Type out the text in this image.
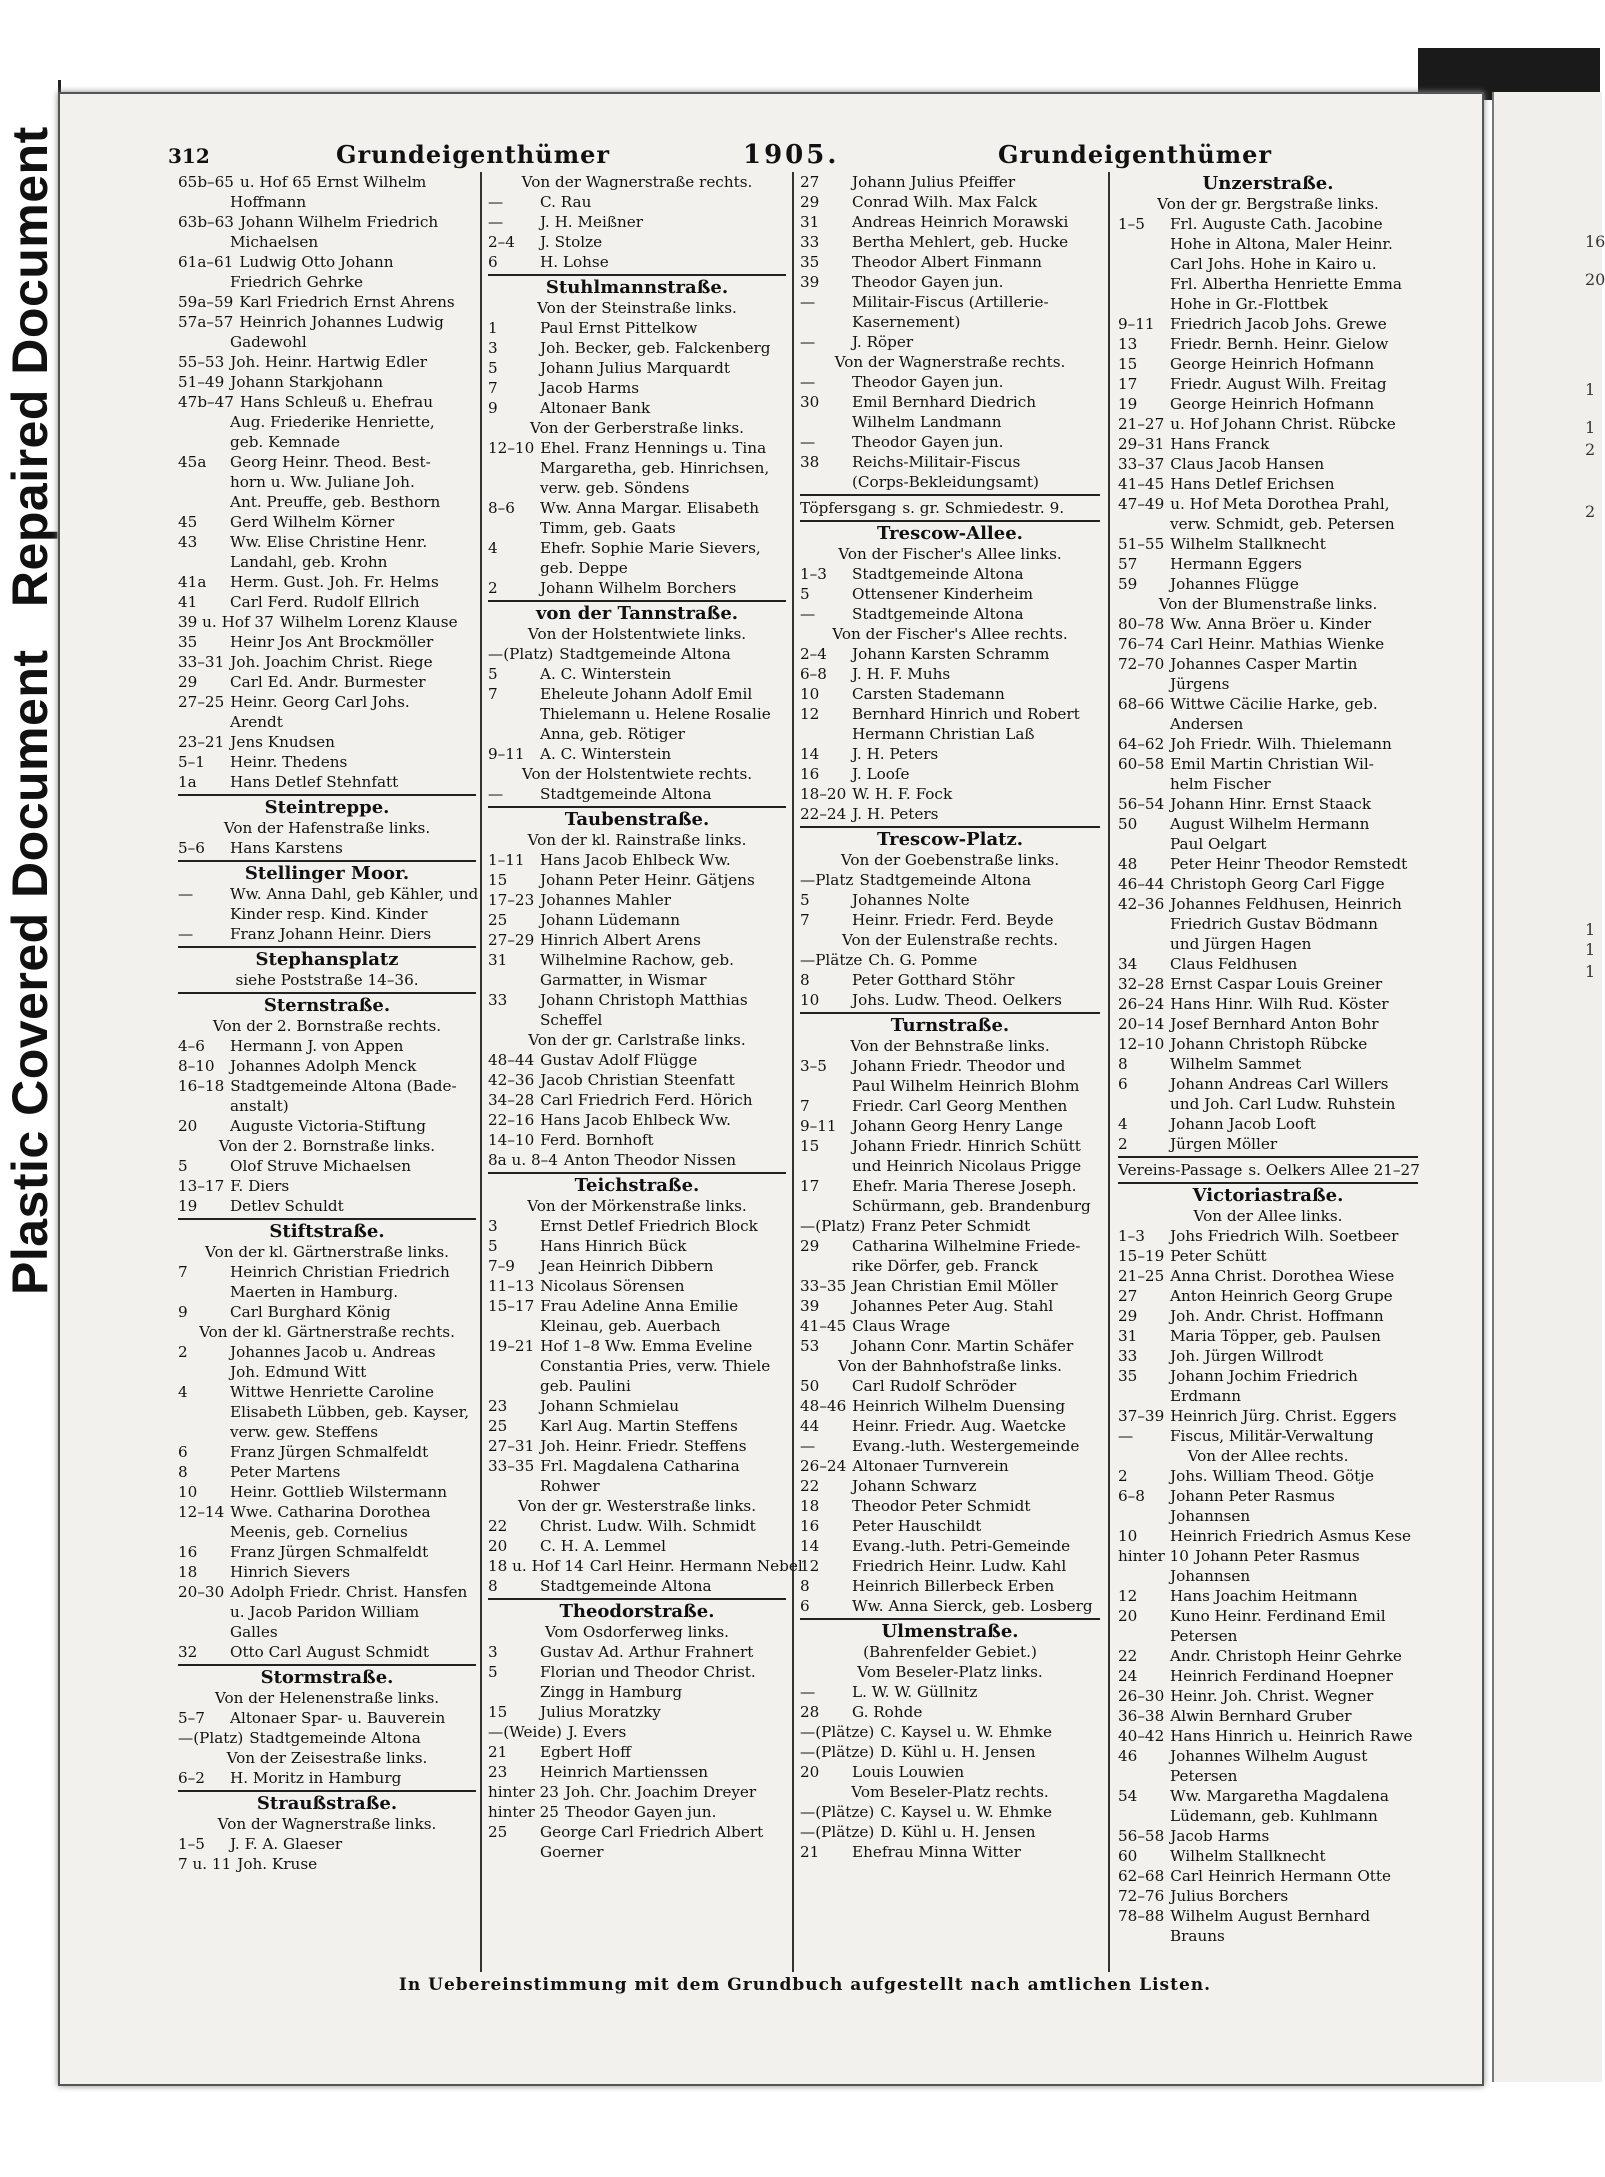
Plastic Covered Document Repaired Document	16
20
1
1
2
2
1
1
1
312	Grundeigenthümer	1905.	Grundeigenthümer
65b–65 u. Hof 65 Ernst Wilhelm
Hoffmann
63b–63 Johann Wilhelm Friedrich
Michaelsen
61a–61 Ludwig Otto Johann
Friedrich Gehrke
59a–59 Karl Friedrich Ernst Ahrens
57a–57 Heinrich Johannes Ludwig
Gadewohl
55–53 Joh. Heinr. Hartwig Edler
51–49 Johann Starkjohann
47b–47 Hans Schleuß u. Ehefrau
Aug. Friederike Henriette,
geb. Kemnade
45a	Georg Heinr. Theod. Best-
horn u. Ww. Juliane Joh.
Ant. Preuffe, geb. Besthorn
45	Gerd Wilhelm Körner
43	Ww. Elise Christine Henr.
Landahl, geb. Krohn
41a	Herm. Gust. Joh. Fr. Helms
41	Carl Ferd. Rudolf Ellrich
39 u. Hof 37 Wilhelm Lorenz Klause
35	Heinr Jos Ant Brockmöller
33–31 Joh. Joachim Christ. Riege
29	Carl Ed. Andr. Burmester
27–25 Heinr. Georg Carl Johs.
Arendt
23–21 Jens Knudsen
5–1	Heinr. Thedens
1a	Hans Detlef Stehnfatt
Steintreppe.
Von der Hafenstraße links.
5–6	Hans Karstens
Stellinger Moor.
—	Ww. Anna Dahl, geb Kähler, und
Kinder resp. Kind. Kinder
—	Franz Johann Heinr. Diers
Stephansplatz
siehe Poststraße 14–36.
Sternstraße.
Von der 2. Bornstraße rechts.
4–6	Hermann J. von Appen
8–10	Johannes Adolph Menck
16–18 Stadtgemeinde Altona (Bade-
anstalt)
20	Auguste Victoria-Stiftung
Von der 2. Bornstraße links.
5	Olof Struve Michaelsen
13–17 F. Diers
19	Detlev Schuldt
Stiftstraße.
Von der kl. Gärtnerstraße links.
7	Heinrich Christian Friedrich
Maerten in Hamburg.
9	Carl Burghard König
Von der kl. Gärtnerstraße rechts.
2	Johannes Jacob u. Andreas
Joh. Edmund Witt
4	Wittwe Henriette Caroline
Elisabeth Lübben, geb. Kayser,
verw. gew. Steffens
6	Franz Jürgen Schmalfeldt
8	Peter Martens
10	Heinr. Gottlieb Wilstermann
12–14 Wwe. Catharina Dorothea
Meenis, geb. Cornelius
16	Franz Jürgen Schmalfeldt
18	Hinrich Sievers
20–30 Adolph Friedr. Christ. Hansfen
u. Jacob Paridon William
Galles
32	Otto Carl August Schmidt
Stormstraße.
Von der Helenenstraße links.
5–7	Altonaer Spar- u. Bauverein
—(Platz) Stadtgemeinde Altona
Von der Zeisestraße links.
6–2	H. Moritz in Hamburg
Straußstraße.
Von der Wagnerstraße links.
1–5	J. F. A. Glaeser
7 u. 11 Joh. Kruse
Von der Wagnerstraße rechts.
—	C. Rau
—	J. H. Meißner
2–4	J. Stolze
6	H. Lohse
Stuhlmannstraße.
Von der Steinstraße links.
1	Paul Ernst Pittelkow
3	Joh. Becker, geb. Falckenberg
5	Johann Julius Marquardt
7	Jacob Harms
9	Altonaer Bank
Von der Gerberstraße links.
12–10 Ehel. Franz Hennings u. Tina
Margaretha, geb. Hinrichsen,
verw. geb. Söndens
8–6	Ww. Anna Margar. Elisabeth
Timm, geb. Gaats
4	Ehefr. Sophie Marie Sievers,
geb. Deppe
2	Johann Wilhelm Borchers
von der Tannstraße.
Von der Holstentwiete links.
—(Platz) Stadtgemeinde Altona
5	A. C. Winterstein
7	Eheleute Johann Adolf Emil
Thielemann u. Helene Rosalie
Anna, geb. Rötiger
9–11	A. C. Winterstein
Von der Holstentwiete rechts.
—	Stadtgemeinde Altona
Taubenstraße.
Von der kl. Rainstraße links.
1–11	Hans Jacob Ehlbeck Ww.
15	Johann Peter Heinr. Gätjens
17–23 Johannes Mahler
25	Johann Lüdemann
27–29 Hinrich Albert Arens
31	Wilhelmine Rachow, geb.
Garmatter, in Wismar
33	Johann Christoph Matthias
Scheffel
Von der gr. Carlstraße links.
48–44 Gustav Adolf Flügge
42–36 Jacob Christian Steenfatt
34–28 Carl Friedrich Ferd. Hörich
22–16 Hans Jacob Ehlbeck Ww.
14–10 Ferd. Bornhoft
8a u. 8–4 Anton Theodor Nissen
Teichstraße.
Von der Mörkenstraße links.
3	Ernst Detlef Friedrich Block
5	Hans Hinrich Bück
7–9	Jean Heinrich Dibbern
11–13 Nicolaus Sörensen
15–17 Frau Adeline Anna Emilie
Kleinau, geb. Auerbach
19–21 Hof 1–8 Ww. Emma Eveline
Constantia Pries, verw. Thiele
geb. Paulini
23	Johann Schmielau
25	Karl Aug. Martin Steffens
27–31 Joh. Heinr. Friedr. Steffens
33–35 Frl. Magdalena Catharina
Rohwer
Von der gr. Westerstraße links.
22	Christ. Ludw. Wilh. Schmidt
20	C. H. A. Lemmel
18 u. Hof 14 Carl Heinr. Hermann Nebel
8	Stadtgemeinde Altona
Theodorstraße.
Vom Osdorferweg links.
3	Gustav Ad. Arthur Frahnert
5	Florian und Theodor Christ.
Zingg in Hamburg
15	Julius Moratzky
—(Weide) J. Evers
21	Egbert Hoff
23	Heinrich Martienssen
hinter 23 Joh. Chr. Joachim Dreyer
hinter 25 Theodor Gayen jun.
25	George Carl Friedrich Albert
Goerner
27	Johann Julius Pfeiffer
29	Conrad Wilh. Max Falck
31	Andreas Heinrich Morawski
33	Bertha Mehlert, geb. Hucke
35	Theodor Albert Finmann
39	Theodor Gayen jun.
—	Militair-Fiscus (Artillerie-
Kasernement)
—	J. Röper
Von der Wagnerstraße rechts.
—	Theodor Gayen jun.
30	Emil Bernhard Diedrich
Wilhelm Landmann
—	Theodor Gayen jun.
38	Reichs-Militair-Fiscus
(Corps-Bekleidungsamt)
Töpfersgang s. gr. Schmiedestr. 9.
Trescow-Allee.
Von der Fischer's Allee links.
1–3	Stadtgemeinde Altona
5	Ottensener Kinderheim
—	Stadtgemeinde Altona
Von der Fischer's Allee rechts.
2–4	Johann Karsten Schramm
6–8	J. H. F. Muhs
10	Carsten Stademann
12	Bernhard Hinrich und Robert
Hermann Christian Laß
14	J. H. Peters
16	J. Looſe
18–20 W. H. F. Fock
22–24 J. H. Peters
Trescow-Platz.
Von der Goebenstraße links.
—Platz Stadtgemeinde Altona
5	Johannes Nolte
7	Heinr. Friedr. Ferd. Beyde
Von der Eulenstraße rechts.
—Plätze Ch. G. Pomme
8	Peter Gotthard Stöhr
10	Johs. Ludw. Theod. Oelkers
Turnstraße.
Von der Behnstraße links.
3–5	Johann Friedr. Theodor und
Paul Wilhelm Heinrich Blohm
7	Friedr. Carl Georg Menthen
9–11	Johann Georg Henry Lange
15	Johann Friedr. Hinrich Schütt
und Heinrich Nicolaus Prigge
17	Ehefr. Maria Therese Joseph.
Schürmann, geb. Brandenburg
—(Platz) Franz Peter Schmidt
29	Catharina Wilhelmine Friede-
rike Dörfer, geb. Franck
33–35 Jean Christian Emil Möller
39	Johannes Peter Aug. Stahl
41–45 Claus Wrage
53	Johann Conr. Martin Schäfer
Von der Bahnhofstraße links.
50	Carl Rudolf Schröder
48–46 Heinrich Wilhelm Duensing
44	Heinr. Friedr. Aug. Waetcke
—	Evang.-luth. Westergemeinde
26–24 Altonaer Turnverein
22	Johann Schwarz
18	Theodor Peter Schmidt
16	Peter Hauschildt
14	Evang.-luth. Petri-Gemeinde
12	Friedrich Heinr. Ludw. Kahl
8	Heinrich Billerbeck Erben
6	Ww. Anna Sierck, geb. Losberg
Ulmenstraße.
(Bahrenfelder Gebiet.)
Vom Beseler-Platz links.
—	L. W. W. Güllnitz
28	G. Rohde
—(Plätze) C. Kaysel u. W. Ehmke
—(Plätze) D. Kühl u. H. Jensen
20	Louis Louwien
Vom Beseler-Platz rechts.
—(Plätze) C. Kaysel u. W. Ehmke
—(Plätze) D. Kühl u. H. Jensen
21	Ehefrau Minna Witter
Unzerstraße.
Von der gr. Bergstraße links.
1–5	Frl. Auguste Cath. Jacobine
Hohe in Altona, Maler Heinr.
Carl Johs. Hohe in Kairo u.
Frl. Albertha Henriette Emma
Hohe in Gr.-Flottbek
9–11	Friedrich Jacob Johs. Grewe
13	Friedr. Bernh. Heinr. Gielow
15	George Heinrich Hofmann
17	Friedr. August Wilh. Freitag
19	George Heinrich Hofmann
21–27 u. Hof Johann Christ. Rübcke
29–31 Hans Franck
33–37 Claus Jacob Hansen
41–45 Hans Detlef Erichsen
47–49 u. Hof Meta Dorothea Prahl,
verw. Schmidt, geb. Petersen
51–55 Wilhelm Stallknecht
57	Hermann Eggers
59	Johannes Flügge
Von der Blumenstraße links.
80–78 Ww. Anna Bröer u. Kinder
76–74 Carl Heinr. Mathias Wienke
72–70 Johannes Casper Martin
Jürgens
68–66 Wittwe Cäcilie Harke, geb.
Andersen
64–62 Joh Friedr. Wilh. Thielemann
60–58 Emil Martin Christian Wil-
helm Fischer
56–54 Johann Hinr. Ernst Staack
50	August Wilhelm Hermann
Paul Oelgart
48	Peter Heinr Theodor Remstedt
46–44 Christoph Georg Carl Figge
42–36 Johannes Feldhusen, Heinrich
Friedrich Gustav Bödmann
und Jürgen Hagen
34	Claus Feldhusen
32–28 Ernst Caspar Louis Greiner
26–24 Hans Hinr. Wilh Rud. Köster
20–14 Josef Bernhard Anton Bohr
12–10 Johann Christoph Rübcke
8	Wilhelm Sammet
6	Johann Andreas Carl Willers
und Joh. Carl Ludw. Ruhstein
4	Johann Jacob Looft
2	Jürgen Möller
Vereins-Passage s. Oelkers Allee 21–27
Victoriastraße.
Von der Allee links.
1–3	Johs Friedrich Wilh. Soetbeer
15–19 Peter Schütt
21–25 Anna Christ. Dorothea Wiese
27	Anton Heinrich Georg Grupe
29	Joh. Andr. Christ. Hoffmann
31	Maria Töpper, geb. Paulsen
33	Joh. Jürgen Willrodt
35	Johann Jochim Friedrich
Erdmann
37–39 Heinrich Jürg. Christ. Eggers
—	Fiscus, Militär-Verwaltung
Von der Allee rechts.
2	Johs. William Theod. Götje
6–8	Johann Peter Rasmus
Johannsen
10	Heinrich Friedrich Asmus Kese
hinter 10 Johann Peter Rasmus
Johannsen
12	Hans Joachim Heitmann
20	Kuno Heinr. Ferdinand Emil
Petersen
22	Andr. Christoph Heinr Gehrke
24	Heinrich Ferdinand Hoepner
26–30 Heinr. Joh. Christ. Wegner
36–38 Alwin Bernhard Gruber
40–42 Hans Hinrich u. Heinrich Rawe
46	Johannes Wilhelm August
Petersen
54	Ww. Margaretha Magdalena
Lüdemann, geb. Kuhlmann
56–58 Jacob Harms
60	Wilhelm Stallknecht
62–68 Carl Heinrich Hermann Otte
72–76 Julius Borchers
78–88 Wilhelm August Bernhard
Brauns
In Uebereinstimmung mit dem Grundbuch aufgestellt nach amtlichen Listen.
